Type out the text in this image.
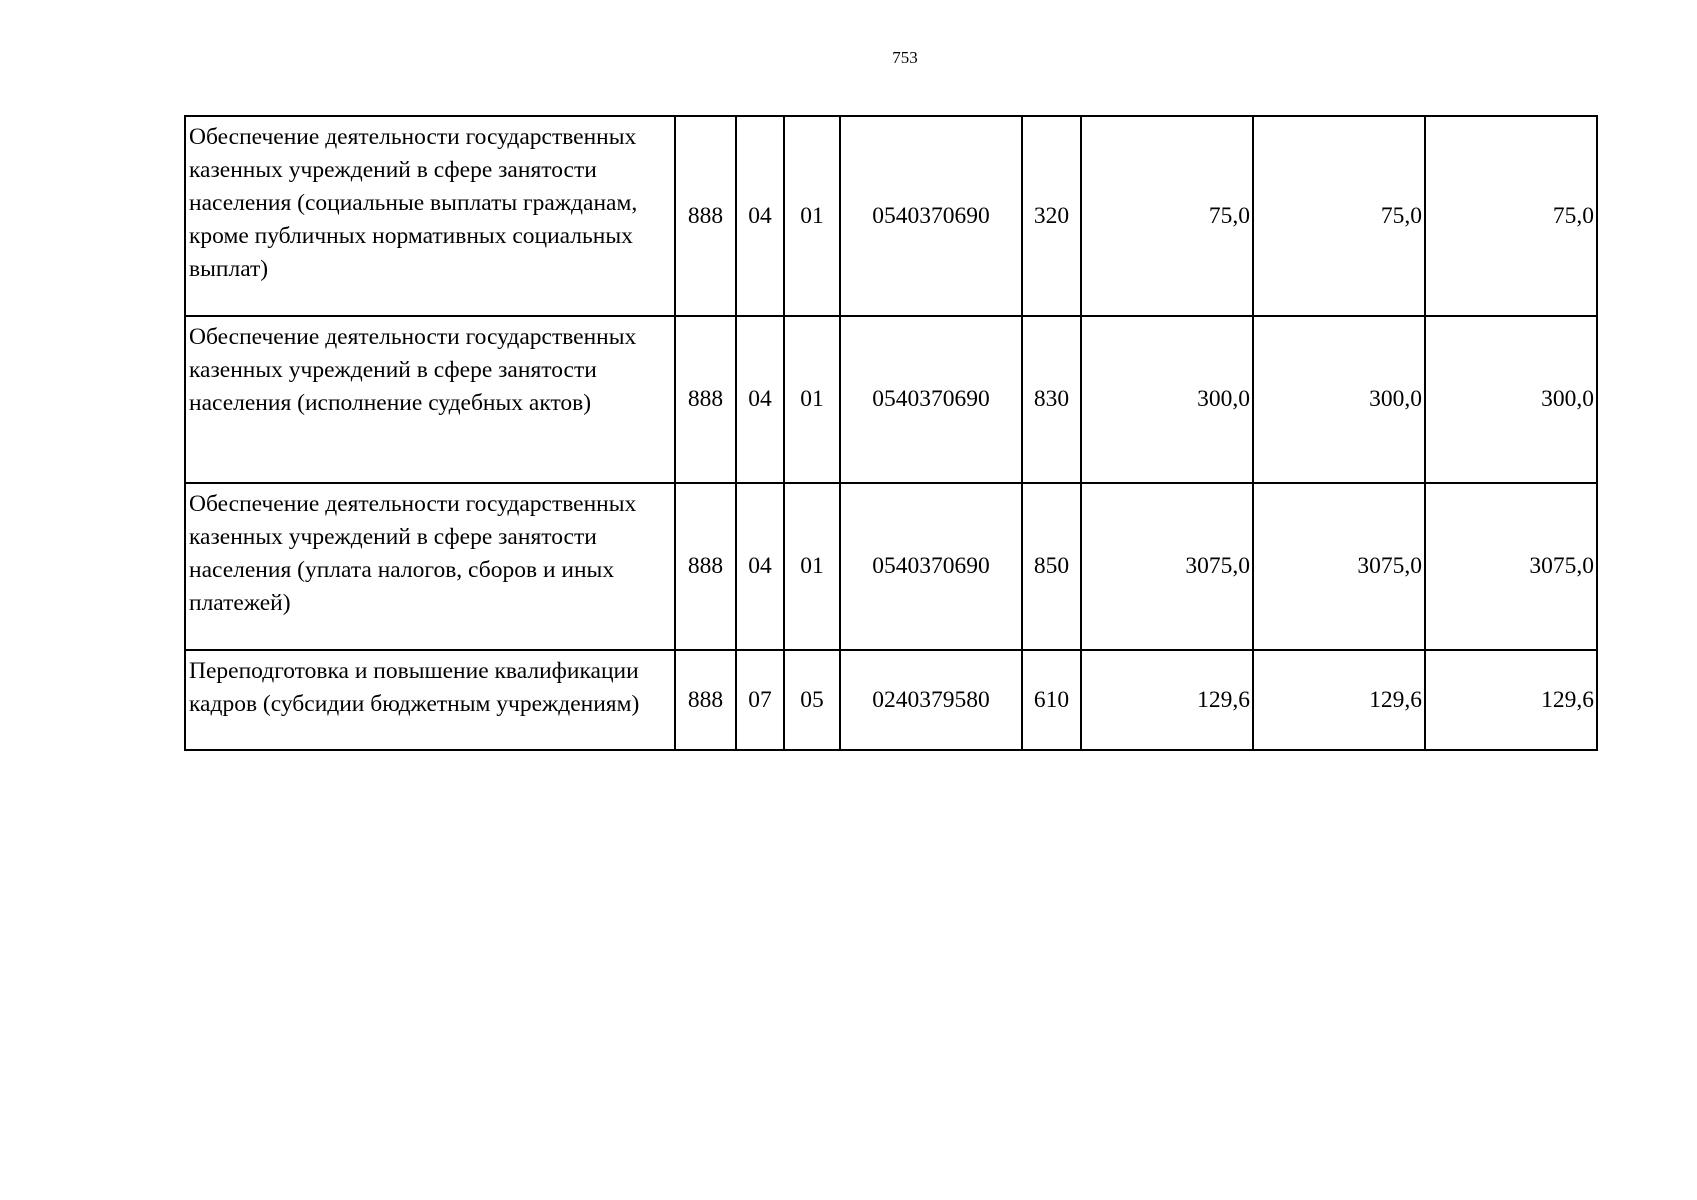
753
Обеспечение деятельности государственных казенных учреждений в сфере занятости населения (социальные выплаты гражданам, кроме публичных нормативных социальных выплат)	888	04	01	0540370690	320	75,0	75,0	75,0
Обеспечение деятельности государственных казенных учреждений в сфере занятости населения (исполнение судебных актов)	888	04	01	0540370690	830	300,0	300,0	300,0
Обеспечение деятельности государственных казенных учреждений в сфере занятости населения (уплата налогов, сборов и иных платежей)	888	04	01	0540370690	850	3075,0	3075,0	3075,0
Переподготовка и повышение квалификации кадров (субсидии бюджетным учреждениям)	888	07	05	0240379580	610	129,6	129,6	129,6
